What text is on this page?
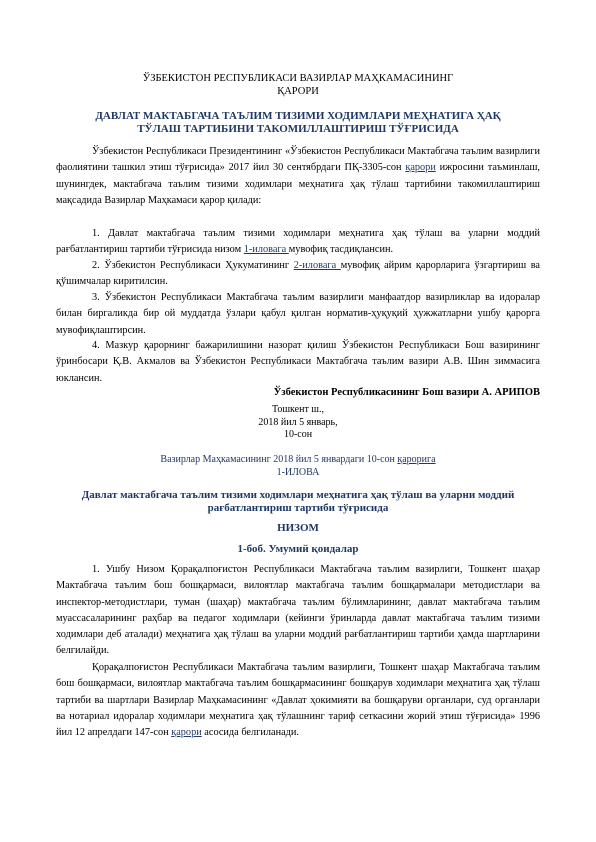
ЎЗБЕКИСТОН РЕСПУБЛИКАСИ ВАЗИРЛАР МАҲКАМАСИНИНГ
ҚАРОРИ
ДАВЛАТ МАКТАБГАЧА ТАЪЛИМ ТИЗИМИ ХОДИМЛАРИ МЕҲНАТИГА ҲАҚ
ТЎЛАШ ТАРТИБИНИ ТАКОМИЛЛАШТИРИШ ТЎҒРИСИДА
Ўзбекистон Республикаси Президентининг «Ўзбекистон Республикаси Мактабгача таълим вазирлиги фаолиятини ташкил этиш тўғрисида» 2017 йил 30 сентябрдаги ПҚ-3305-сон қарори ижросини таъминлаш, шунингдек, мактабгача таълим тизими ходимлари меҳнатига ҳақ тўлаш тартибини такомиллаштириш мақсадида Вазирлар Маҳкамаси қарор қилади:
1. Давлат мактабгача таълим тизими ходимлари меҳнатига ҳақ тўлаш ва уларни моддий рағбатлантириш тартиби тўғрисида низом 1-иловага мувофиқ тасдиқлансин.
2. Ўзбекистон Республикаси Ҳукуматининг 2-иловага мувофиқ айрим қарорларига ўзгартириш ва қўшимчалар киритилсин.
3. Ўзбекистон Республикаси Мактабгача таълим вазирлиги манфаатдор вазирликлар ва идоралар билан биргаликда бир ой муддатда ўзлари қабул қилган норматив-ҳуқуқий ҳужжатларни ушбу қарорга мувофиқлаштирсин.
4. Мазкур қарорнинг бажарилишини назорат қилиш Ўзбекистон Республикаси Бош вазирининг ўринбосари Қ.В. Акмалов ва Ўзбекистон Республикаси Мактабгача таълим вазири А.В. Шин зиммасига юклансин.
Ўзбекистон Республикасининг Бош вазири А. АРИПОВ
Тошкент ш.,
2018 йил 5 январь,
10-сон
Вазирлар Маҳкамасининг 2018 йил 5 январдаги 10-сон қарорига
1-ИЛОВА
Давлат мактабгача таълим тизими ходимлари меҳнатига ҳақ тўлаш ва уларни моддий
рағбатлантириш тартиби тўғрисида
НИЗОМ
1-боб. Умумий қоидалар
1. Ушбу Низом Қорақалпоғистон Республикаси Мактабгача таълим вазирлиги, Тошкент шаҳар Мактабгача таълим бош бошқармаси, вилоятлар мактабгача таълим бошқармалари методистлари ва инспектор-методистлари, туман (шаҳар) мактабгача таълим бўлимларининг, давлат мактабгача таълим муассасаларининг раҳбар ва педагог ходимлари (кейинги ўринларда давлат мактабгача таълим тизими ходимлари деб аталади) меҳнатига ҳақ тўлаш ва уларни моддий рағбатлантириш тартиби ҳамда шартларини белгилайди.
Қорақалпоғистон Республикаси Мактабгача таълим вазирлиги, Тошкент шаҳар Мактабгача таълим бош бошқармаси, вилоятлар мактабгача таълим бошқармасининг бошқарув ходимлари меҳнатига ҳақ тўлаш тартиби ва шартлари Вазирлар Маҳкамасининг «Давлат ҳокимияти ва бошқаруви органлари, суд органлари ва нотариал идоралар ходимлари меҳнатига ҳақ тўлашнинг тариф сеткасини жорий этиш тўғрисида» 1996 йил 12 апрелдаги 147-сон қарори асосида белгиланади.
